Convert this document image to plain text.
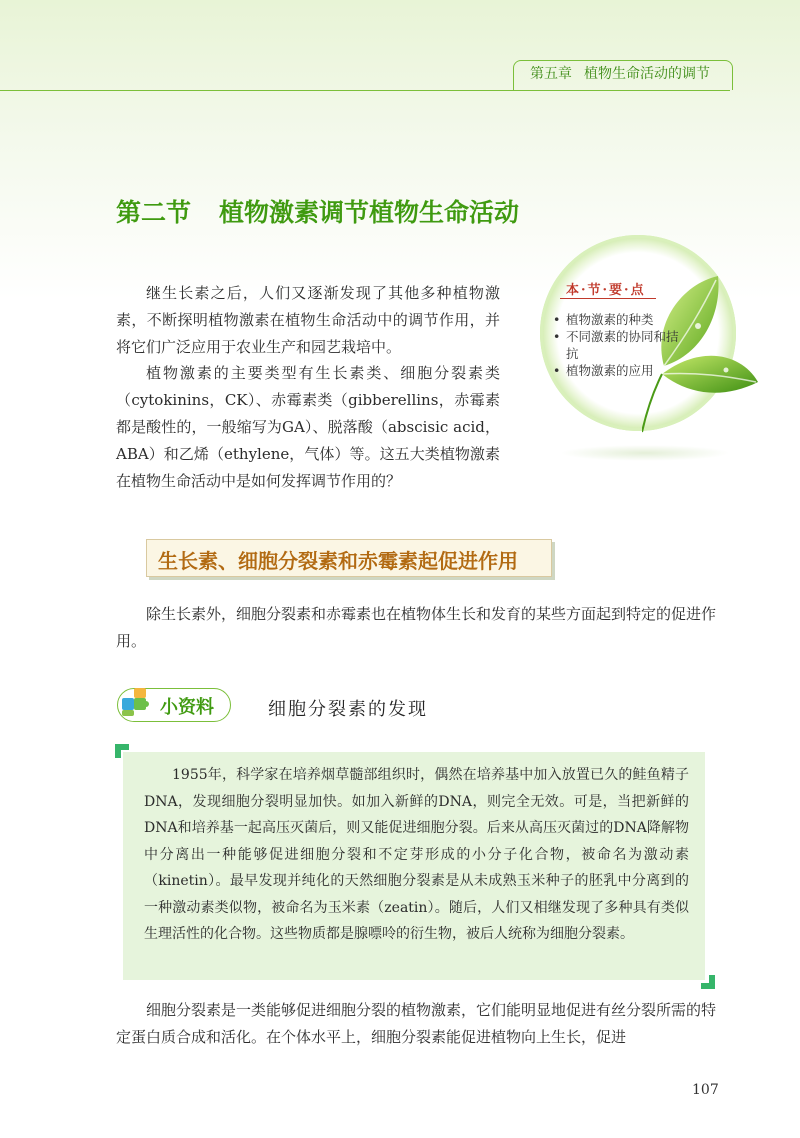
第五章 植物生命活动的调节
第二节 植物激素调节植物生命活动

继生长素之后，人们又逐渐发现了其他多种植物激素，不断探明植物激素在植物生命活动中的调节作用，并将它们广泛应用于农业生产和园艺栽培中。

植物激素的主要类型有生长素类、细胞分裂素类（cytokinins，CK）、赤霉素类（gibberellins，赤霉素都是酸性的，一般缩写为GA）、脱落酸（abscisic acid，ABA）和乙烯（ethylene，气体）等。这五大类植物激素在植物生命活动中是如何发挥调节作用的？

本·节·要·点
• 植物激素的种类
• 不同激素的协同和拮抗
• 植物激素的应用
生长素、细胞分裂素和赤霉素起促进作用

除生长素外，细胞分裂素和赤霉素也在植物体生长和发育的某些方面起到特定的促进作用。

小资料	细胞分裂素的发现

1955年，科学家在培养烟草髓部组织时，偶然在培养基中加入放置已久的鲑鱼精子DNA，发现细胞分裂明显加快。如加入新鲜的DNA，则完全无效。可是，当把新鲜的DNA和培养基一起高压灭菌后，则又能促进细胞分裂。后来从高压灭菌过的DNA降解物中分离出一种能够促进细胞分裂和不定芽形成的小分子化合物，被命名为激动素（kinetin）。最早发现并纯化的天然细胞分裂素是从未成熟玉米种子的胚乳中分离到的一种激动素类似物，被命名为玉米素（zeatin）。随后，人们又相继发现了多种具有类似生理活性的化合物。这些物质都是腺嘌呤的衍生物，被后人统称为细胞分裂素。

细胞分裂素是一类能够促进细胞分裂的植物激素，它们能明显地促进有丝分裂所需的特定蛋白质合成和活化。在个体水平上，细胞分裂素能促进植物向上生长，促进

107
